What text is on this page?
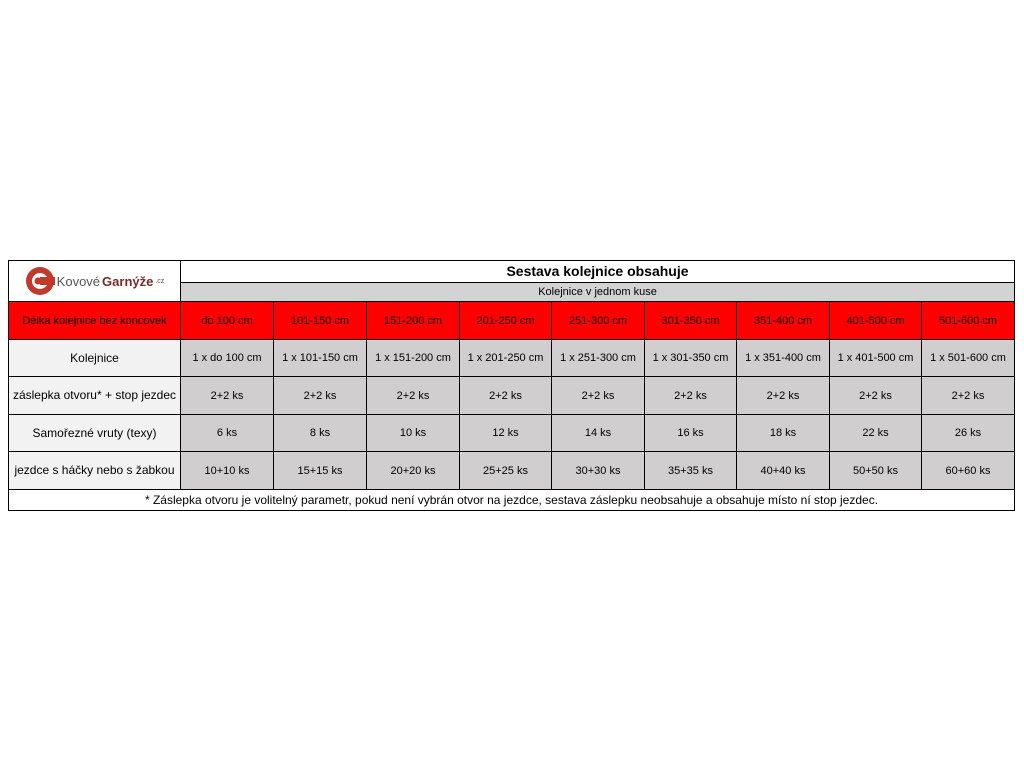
Kovové Garnýže .cz	Sestava kolejnice obsahuje								
	Kolejnice v jednom kuse								
Délka kolejnice bez koncovek	do 100 cm	101-150 cm	151-200 cm	201-250 cm	251-300 cm	301-350 cm	351-400 cm	401-500 cm	501-600 cm
Kolejnice	1 x do 100 cm	1 x 101-150 cm	1 x 151-200 cm	1 x 201-250 cm	1 x 251-300 cm	1 x 301-350 cm	1 x 351-400 cm	1 x 401-500 cm	1 x 501-600 cm
záslepka otvoru* + stop jezdec	2+2 ks	2+2 ks	2+2 ks	2+2 ks	2+2 ks	2+2 ks	2+2 ks	2+2 ks	2+2 ks
Samořezné vruty (texy)	6 ks	8 ks	10 ks	12 ks	14 ks	16 ks	18 ks	22 ks	26 ks
jezdce s háčky nebo s žabkou	10+10 ks	15+15 ks	20+20 ks	25+25 ks	30+30 ks	35+35 ks	40+40 ks	50+50 ks	60+60 ks
* Záslepka otvoru je volitelný parametr, pokud není vybrán otvor na jezdce, sestava záslepku neobsahuje a obsahuje místo ní stop jezdec.									
